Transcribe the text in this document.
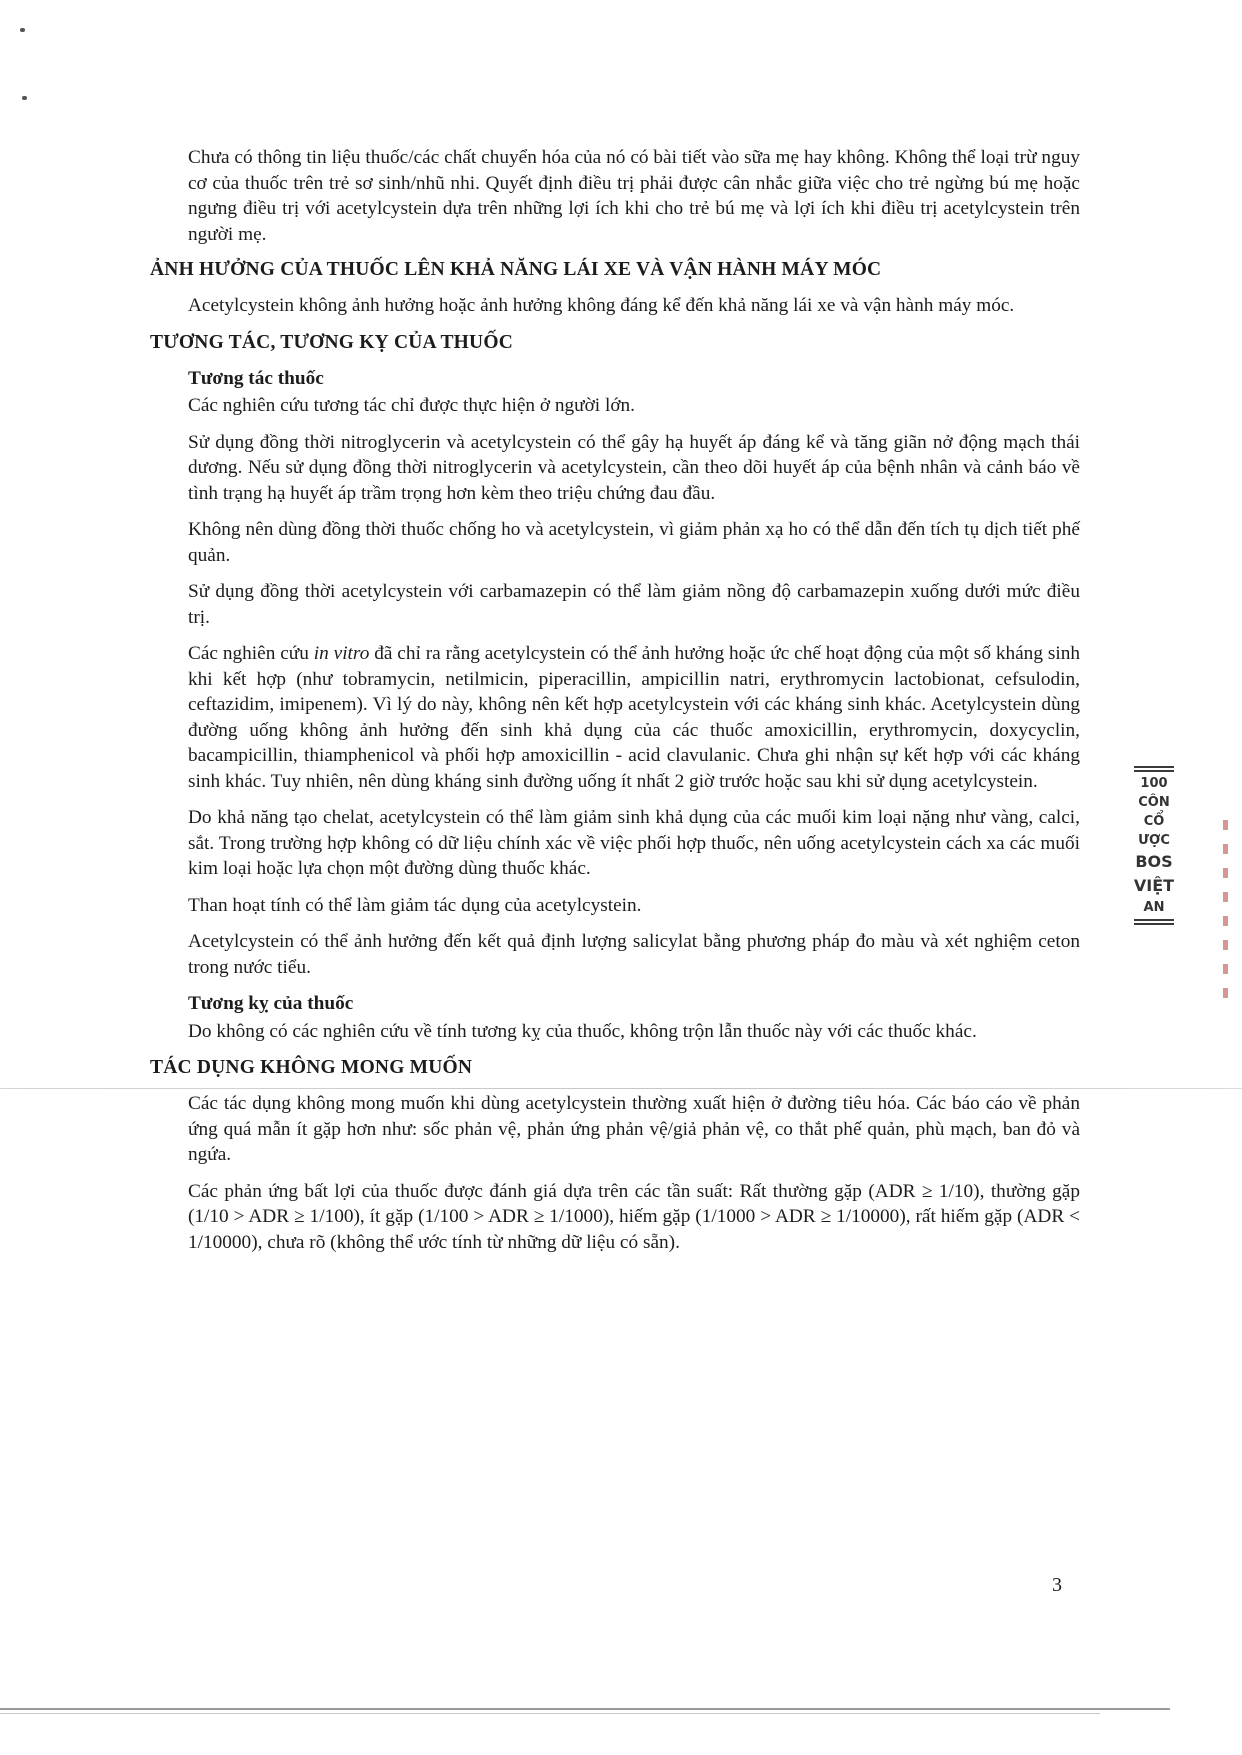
Chưa có thông tin liệu thuốc/các chất chuyển hóa của nó có bài tiết vào sữa mẹ hay không. Không thể loại trừ nguy cơ của thuốc trên trẻ sơ sinh/nhũ nhi. Quyết định điều trị phải được cân nhắc giữa việc cho trẻ ngừng bú mẹ hoặc ngưng điều trị với acetylcystein dựa trên những lợi ích khi cho trẻ bú mẹ và lợi ích khi điều trị acetylcystein trên người mẹ.

ẢNH HƯỞNG CỦA THUỐC LÊN KHẢ NĂNG LÁI XE VÀ VẬN HÀNH MÁY MÓC

Acetylcystein không ảnh hưởng hoặc ảnh hưởng không đáng kể đến khả năng lái xe và vận hành máy móc.

TƯƠNG TÁC, TƯƠNG KỴ CỦA THUỐC
Tương tác thuốc

Các nghiên cứu tương tác chỉ được thực hiện ở người lớn.

Sử dụng đồng thời nitroglycerin và acetylcystein có thể gây hạ huyết áp đáng kể và tăng giãn nở động mạch thái dương. Nếu sử dụng đồng thời nitroglycerin và acetylcystein, cần theo dõi huyết áp của bệnh nhân và cảnh báo về tình trạng hạ huyết áp trầm trọng hơn kèm theo triệu chứng đau đầu.

Không nên dùng đồng thời thuốc chống ho và acetylcystein, vì giảm phản xạ ho có thể dẫn đến tích tụ dịch tiết phế quản.

Sử dụng đồng thời acetylcystein với carbamazepin có thể làm giảm nồng độ carbamazepin xuống dưới mức điều trị.

Các nghiên cứu in vitro đã chỉ ra rằng acetylcystein có thể ảnh hưởng hoặc ức chế hoạt động của một số kháng sinh khi kết hợp (như tobramycin, netilmicin, piperacillin, ampicillin natri, erythromycin lactobionat, cefsulodin, ceftazidim, imipenem). Vì lý do này, không nên kết hợp acetylcystein với các kháng sinh khác. Acetylcystein dùng đường uống không ảnh hưởng đến sinh khả dụng của các thuốc amoxicillin, erythromycin, doxycyclin, bacampicillin, thiamphenicol và phối hợp amoxicillin - acid clavulanic. Chưa ghi nhận sự kết hợp với các kháng sinh khác. Tuy nhiên, nên dùng kháng sinh đường uống ít nhất 2 giờ trước hoặc sau khi sử dụng acetylcystein.

Do khả năng tạo chelat, acetylcystein có thể làm giảm sinh khả dụng của các muối kim loại nặng như vàng, calci, sắt. Trong trường hợp không có dữ liệu chính xác về việc phối hợp thuốc, nên uống acetylcystein cách xa các muối kim loại hoặc lựa chọn một đường dùng thuốc khác.

Than hoạt tính có thể làm giảm tác dụng của acetylcystein.

Acetylcystein có thể ảnh hưởng đến kết quả định lượng salicylat bằng phương pháp đo màu và xét nghiệm ceton trong nước tiểu.

Tương kỵ của thuốc

Do không có các nghiên cứu về tính tương kỵ của thuốc, không trộn lẫn thuốc này với các thuốc khác.

TÁC DỤNG KHÔNG MONG MUỐN

Các tác dụng không mong muốn khi dùng acetylcystein thường xuất hiện ở đường tiêu hóa. Các báo cáo về phản ứng quá mẫn ít gặp hơn như: sốc phản vệ, phản ứng phản vệ/giả phản vệ, co thắt phế quản, phù mạch, ban đỏ và ngứa.

Các phản ứng bất lợi của thuốc được đánh giá dựa trên các tần suất: Rất thường gặp (ADR ≥ 1/10), thường gặp (1/10 > ADR ≥ 1/100), ít gặp (1/100 > ADR ≥ 1/1000), hiếm gặp (1/1000 > ADR ≥ 1/10000), rất hiếm gặp (ADR < 1/10000), chưa rõ (không thể ước tính từ những dữ liệu có sẵn).

100
CÔN
CỔ
ƯỢC
BOS
VIỆT
AN
3
